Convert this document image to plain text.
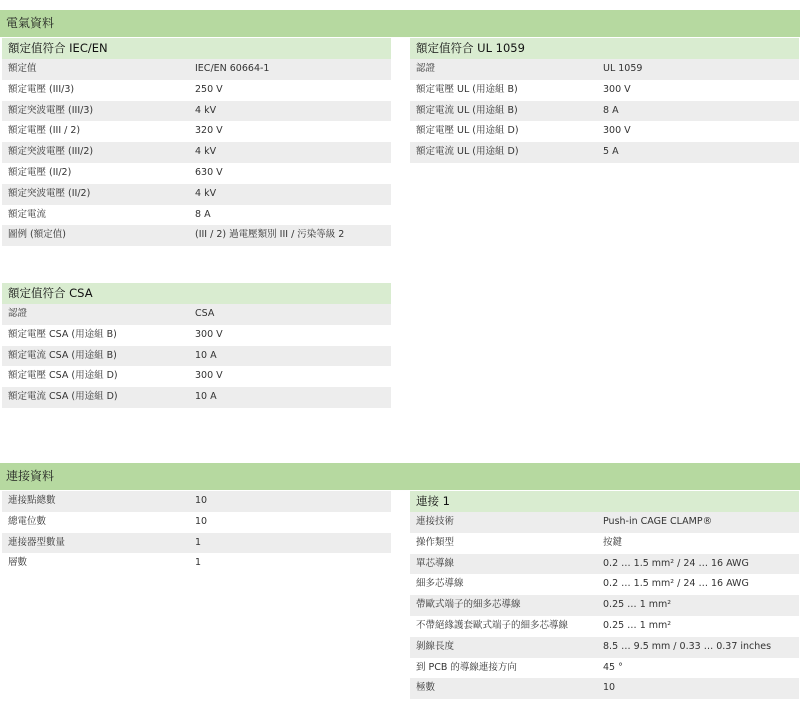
電氣資料
額定值符合 IEC/EN
額定值	IEC/EN 60664-1
額定電壓 (III/3)	250 V
額定突波電壓 (III/3)	4 kV
額定電壓 (III / 2)	320 V
額定突波電壓 (III/2)	4 kV
額定電壓 (II/2)	630 V
額定突波電壓 (II/2)	4 kV
額定電流	8 A
圖例 (額定值)	(III / 2) 過電壓類別 III / 污染等級 2
額定值符合 UL 1059
認證	UL 1059
額定電壓 UL (用途組 B)	300 V
額定電流 UL (用途組 B)	8 A
額定電壓 UL (用途組 D)	300 V
額定電流 UL (用途組 D)	5 A
額定值符合 CSA
認證	CSA
額定電壓 CSA (用途組 B)	300 V
額定電流 CSA (用途組 B)	10 A
額定電壓 CSA (用途組 D)	300 V
額定電流 CSA (用途組 D)	10 A
連接資料
連接點總數	10
總電位數	10
連接器型數量	1
層數	1
連接 1
連接技術	Push-in CAGE CLAMP®
操作類型	按鍵
單芯導線	0.2 … 1.5 mm² / 24 … 16 AWG
細多芯導線	0.2 … 1.5 mm² / 24 … 16 AWG
帶歐式端子的細多芯導線	0.25 … 1 mm²
不帶絕緣護套歐式端子的細多芯導線	0.25 … 1 mm²
剝線長度	8.5 … 9.5 mm / 0.33 … 0.37 inches
到 PCB 的導線連接方向	45 °
極數	10
